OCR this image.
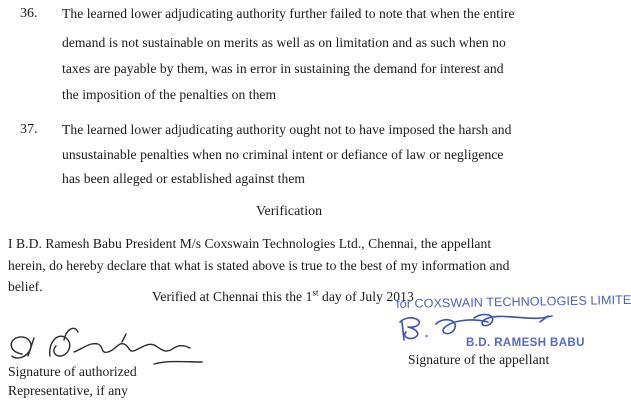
36. The learned lower adjudicating authority further failed to note that when the entire
demand is not sustainable on merits as well as on limitation and as such when no
taxes are payable by them, was in error in sustaining the demand for interest and
the imposition of the penalties on them
37. The learned lower adjudicating authority ought not to have imposed the harsh and
unsustainable penalties when no criminal intent or defiance of law or negligence
has been alleged or established against them
Verification
I B.D. Ramesh Babu President M/s Coxswain Technologies Ltd., Chennai, the appellant
herein, do hereby declare that what is stated above is true to the best of my information and
belief.
Verified at Chennai this the 1st day of July 2013
for COXSWAIN TECHNOLOGIES LIMITE
B.D. RAMESH BABU
Signature of authorized
Representative, if any
Signature of the appellant
